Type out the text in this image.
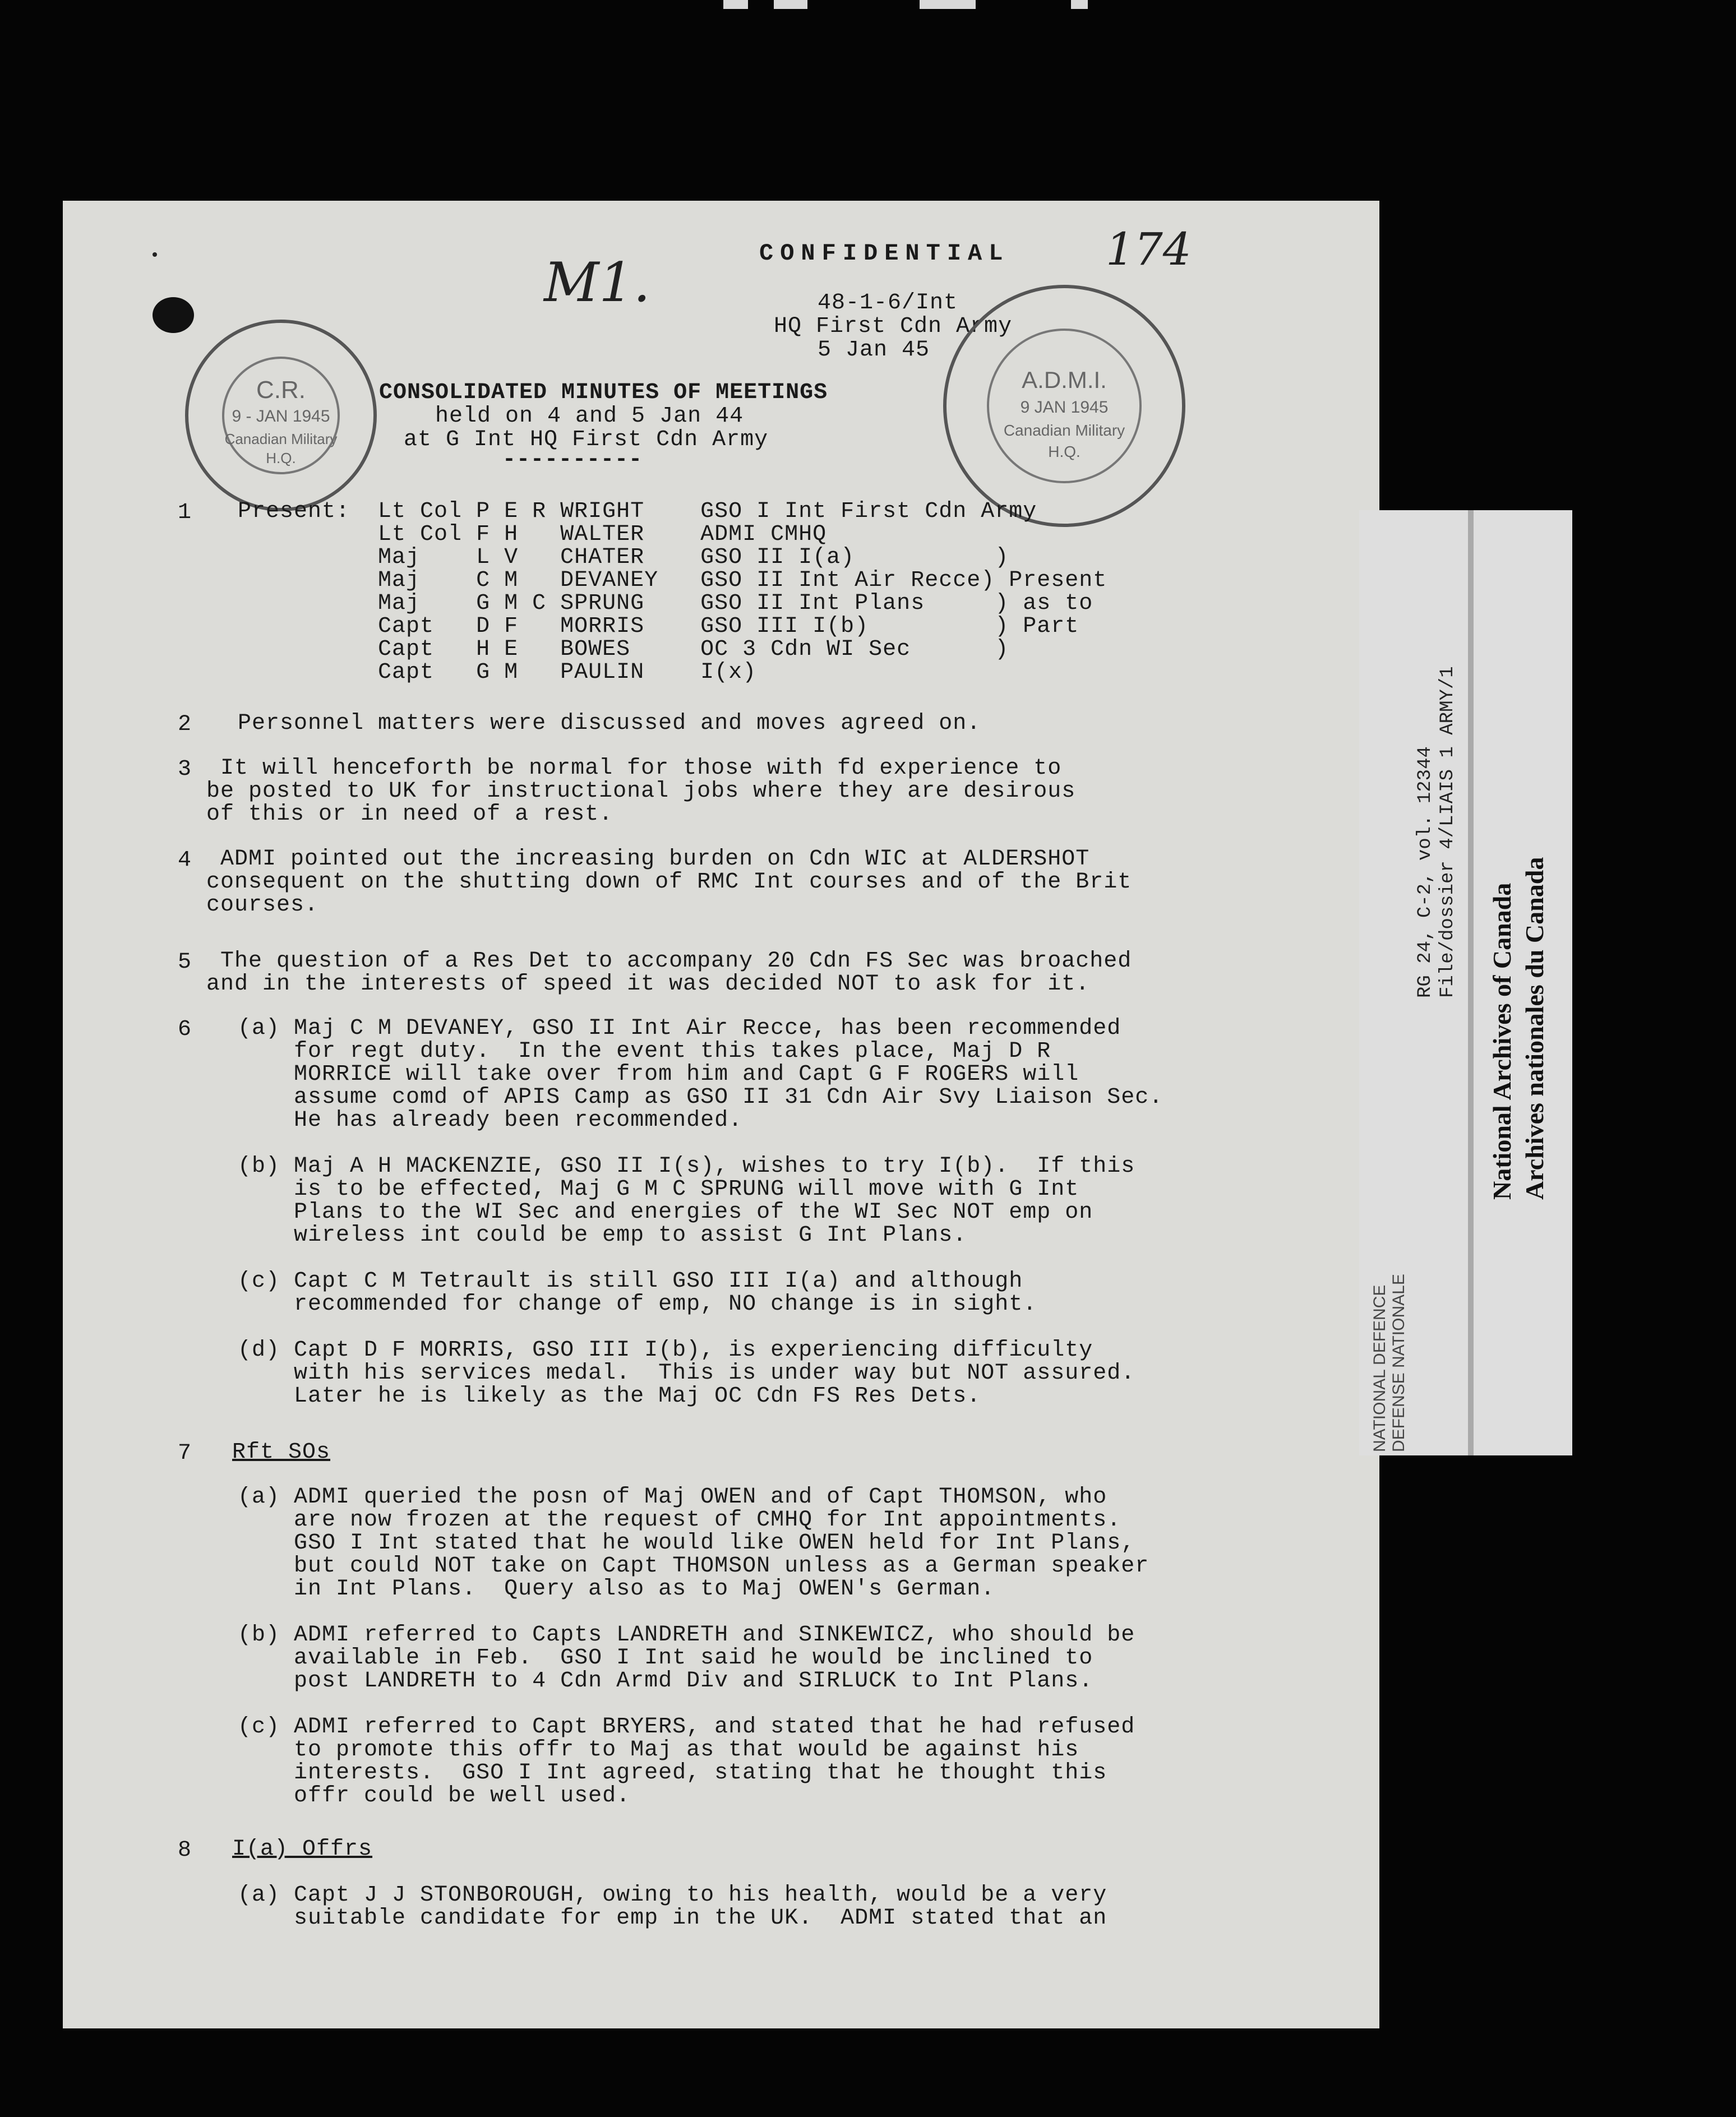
M1.	CONFIDENTIAL 174
48-1-6/Int
HQ First Cdn Army
5 Jan 45
C.R.
9 - JAN 1945
Canadian Military
H.Q.
A.D.M.I.
9 JAN 1945
Canadian Military
H.Q.
CONSOLIDATED MINUTES OF MEETINGS
held on 4 and 5 Jan 44
at G Int HQ First Cdn Army
----------
1 Present:  Lt Col P E R WRIGHT    GSO I Int First Cdn Army
Lt Col F H   WALTER    ADMI CMHQ
Maj    L V   CHATER    GSO II I(a)          )
Maj    C M   DEVANEY   GSO II Int Air Recce) Present
Maj    G M C SPRUNG    GSO II Int Plans     ) as to
Capt   D F   MORRIS    GSO III I(b)         ) Part
Capt   H E   BOWES     OC 3 Cdn WI Sec      )
Capt   G M   PAULIN    I(x)
2 Personnel matters were discussed and moves agreed on.
3 It will henceforth be normal for those with fd experience to
be posted to UK for instructional jobs where they are desirous
of this or in need of a rest.
4 ADMI pointed out the increasing burden on Cdn WIC at ALDERSHOT
consequent on the shutting down of RMC Int courses and of the Brit
courses.
5 The question of a Res Det to accompany 20 Cdn FS Sec was broached
and in the interests of speed it was decided NOT to ask for it.
6 (a) Maj C M DEVANEY, GSO II Int Air Recce, has been recommended
for regt duty.  In the event this takes place, Maj D R
MORRICE will take over from him and Capt G F ROGERS will
assume comd of APIS Camp as GSO II 31 Cdn Air Svy Liaison Sec.
He has already been recommended.

(b) Maj A H MACKENZIE, GSO II I(s), wishes to try I(b).  If this
is to be effected, Maj G M C SPRUNG will move with G Int
Plans to the WI Sec and energies of the WI Sec NOT emp on
wireless int could be emp to assist G Int Plans.

(c) Capt C M Tetrault is still GSO III I(a) and although
recommended for change of emp, NO change is in sight.

(d) Capt D F MORRIS, GSO III I(b), is experiencing difficulty
with his services medal.  This is under way but NOT assured.
Later he is likely as the Maj OC Cdn FS Res Dets.
7 Rft SOs
(a) ADMI queried the posn of Maj OWEN and of Capt THOMSON, who
are now frozen at the request of CMHQ for Int appointments.
GSO I Int stated that he would like OWEN held for Int Plans,
but could NOT take on Capt THOMSON unless as a German speaker
in Int Plans.  Query also as to Maj OWEN's German.

(b) ADMI referred to Capts LANDRETH and SINKEWICZ, who should be
available in Feb.  GSO I Int said he would be inclined to
post LANDRETH to 4 Cdn Armd Div and SIRLUCK to Int Plans.

(c) ADMI referred to Capt BRYERS, and stated that he had refused
to promote this offr to Maj as that would be against his
interests.  GSO I Int agreed, stating that he thought this
offr could be well used.
8 I(a) Offrs
(a) Capt J J STONBOROUGH, owing to his health, would be a very
suitable candidate for emp in the UK.  ADMI stated that an
NATIONAL DEFENCE DEFENSE NATIONALE
RG 24, C-2, vol. 12344 File/dossier 4/LIAIS 1 ARMY/1
National Archives of Canada Archives nationales du Canada
